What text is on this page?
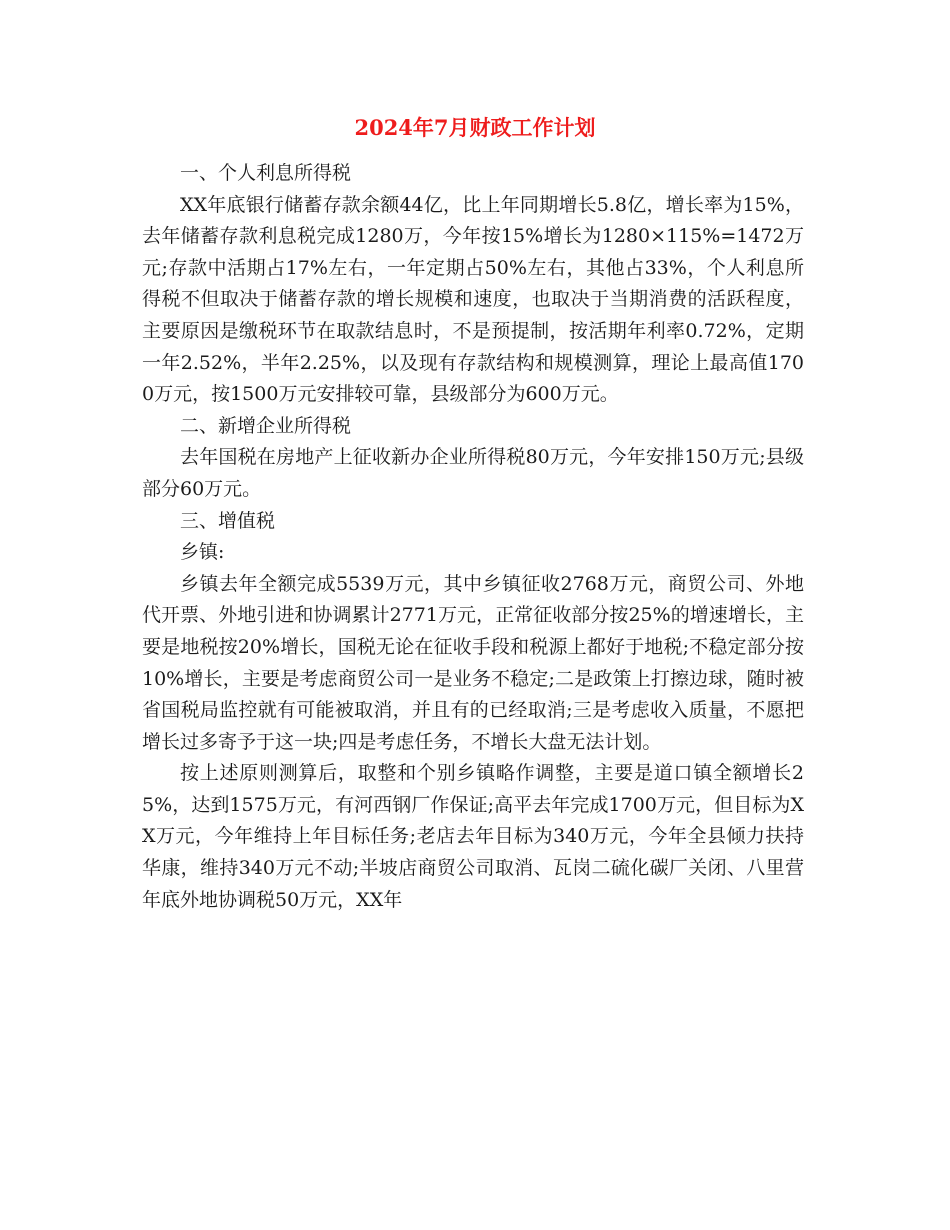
2024年7月财政工作计划

一、个人利息所得税

XX年底银行储蓄存款余额44亿，比上年同期增长5.8亿，增长率为15%，去年储蓄存款利息税完成1280万，今年按15%增长为1280×115%=1472万元;存款中活期占17%左右，一年定期占50%左右，其他占33%，个人利息所得税不但取决于储蓄存款的增长规模和速度，也取决于当期消费的活跃程度，主要原因是缴税环节在取款结息时，不是预提制，按活期年利率0.72%，定期一年2.52%，半年2.25%，以及现有存款结构和规模测算，理论上最高值1700万元，按1500万元安排较可靠，县级部分为600万元。

二、新增企业所得税

去年国税在房地产上征收新办企业所得税80万元，今年安排150万元;县级部分60万元。

三、增值税

乡镇:

乡镇去年全额完成5539万元，其中乡镇征收2768万元，商贸公司、外地代开票、外地引进和协调累计2771万元，正常征收部分按25%的增速增长，主要是地税按20%增长，国税无论在征收手段和税源上都好于地税;不稳定部分按10%增长，主要是考虑商贸公司一是业务不稳定;二是政策上打擦边球，随时被省国税局监控就有可能被取消，并且有的已经取消;三是考虑收入质量，不愿把增长过多寄予于这一块;四是考虑任务，不增长大盘无法计划。

按上述原则测算后，取整和个别乡镇略作调整，主要是道口镇全额增长25%，达到1575万元，有河西钢厂作保证;高平去年完成1700万元，但目标为XX万元，今年维持上年目标任务;老店去年目标为340万元，今年全县倾力扶持华康，维持340万元不动;半坡店商贸公司取消、瓦岗二硫化碳厂关闭、八里营年底外地协调税50万元，XX年
